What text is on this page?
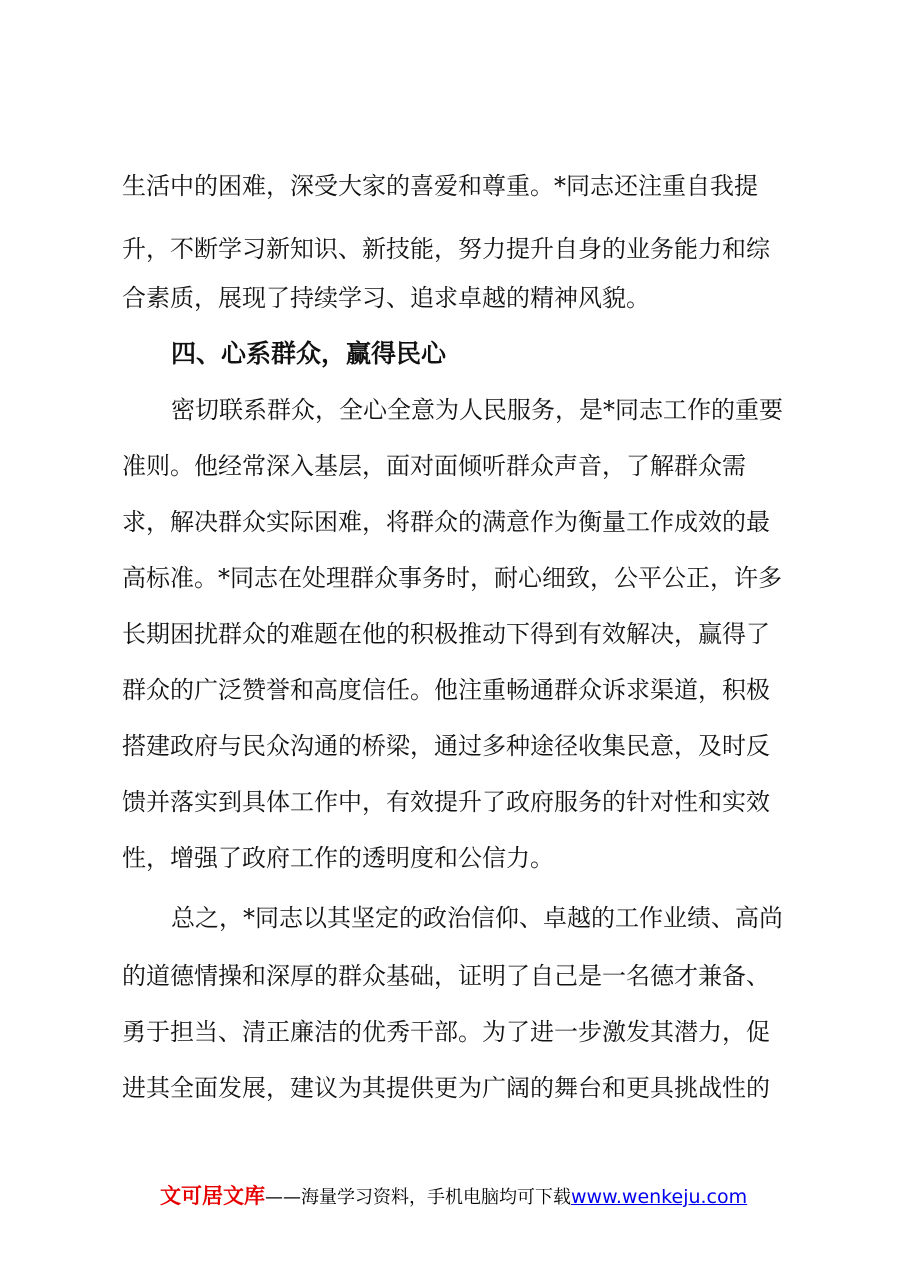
生活中的困难，深受大家的喜爱和尊重。*同志还注重自我提
升，不断学习新知识、新技能，努力提升自身的业务能力和综
合素质，展现了持续学习、追求卓越的精神风貌。
四、心系群众，赢得民心
密切联系群众，全心全意为人民服务，是*同志工作的重要
准则。他经常深入基层，面对面倾听群众声音，了解群众需
求，解决群众实际困难，将群众的满意作为衡量工作成效的最
高标准。*同志在处理群众事务时，耐心细致，公平公正，许多
长期困扰群众的难题在他的积极推动下得到有效解决，赢得了
群众的广泛赞誉和高度信任。他注重畅通群众诉求渠道，积极
搭建政府与民众沟通的桥梁，通过多种途径收集民意，及时反
馈并落实到具体工作中，有效提升了政府服务的针对性和实效
性，增强了政府工作的透明度和公信力。
总之，*同志以其坚定的政治信仰、卓越的工作业绩、高尚
的道德情操和深厚的群众基础，证明了自己是一名德才兼备、
勇于担当、清正廉洁的优秀干部。为了进一步激发其潜力，促
进其全面发展，建议为其提供更为广阔的舞台和更具挑战性的
文可居文库——海量学习资料，手机电脑均可下载www.wenkeju.com
